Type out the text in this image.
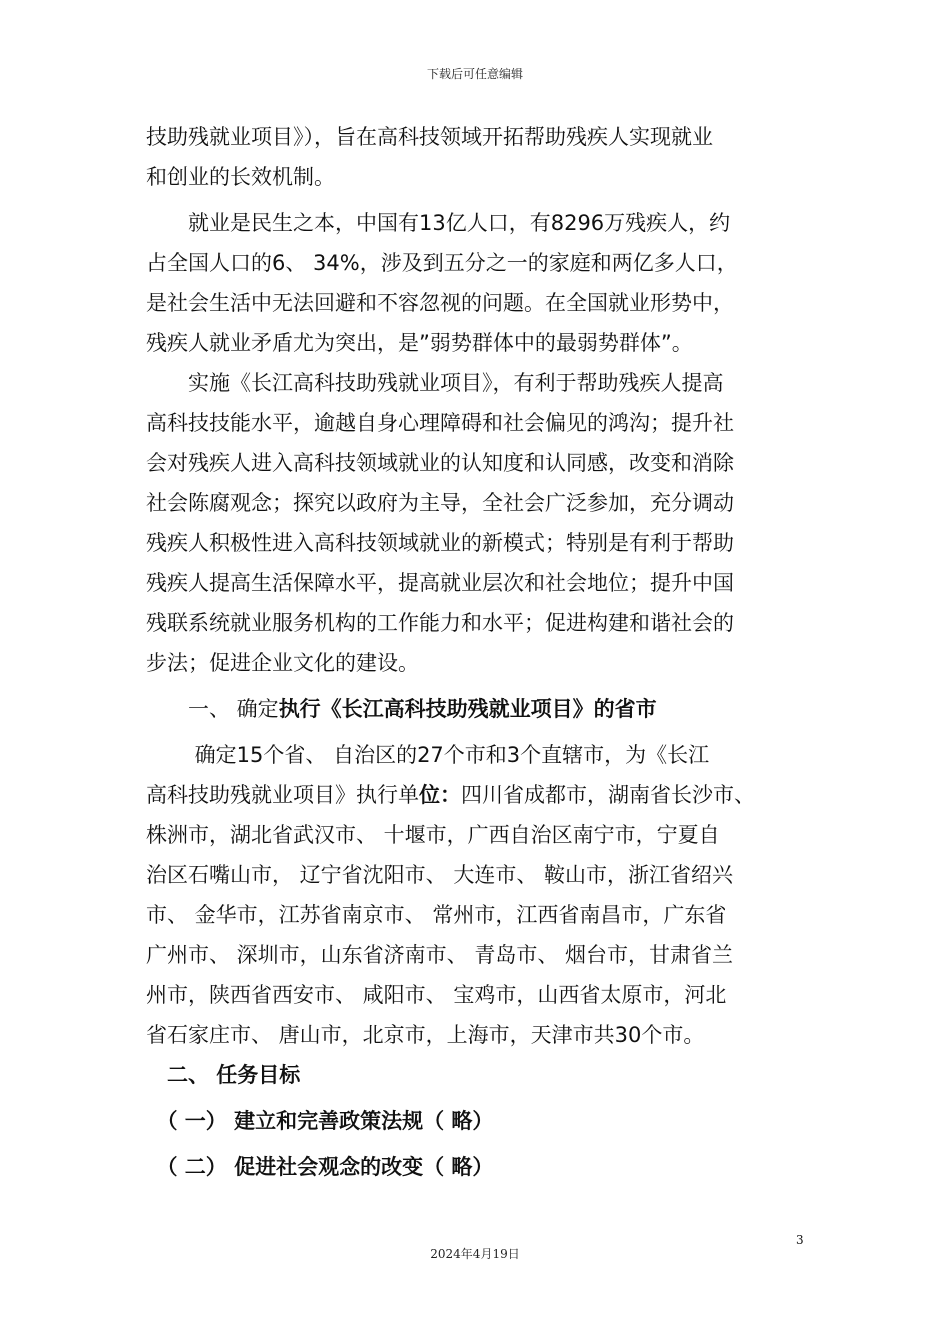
下载后可任意编辑
技助残就业项目》），旨在高科技领域开拓帮助残疾人实现就业
和创业的长效机制。
　　就业是民生之本，中国有13亿人口，有8296万残疾人，约
占全国人口的6、 34%，涉及到五分之一的家庭和两亿多人口，
是社会生活中无法回避和不容忽视的问题。在全国就业形势中，
残疾人就业矛盾尤为突出，是”弱势群体中的最弱势群体”。
　　实施《长江高科技助残就业项目》，有利于帮助残疾人提高
高科技技能水平，逾越自身心理障碍和社会偏见的鸿沟；提升社
会对残疾人进入高科技领域就业的认知度和认同感，改变和消除
社会陈腐观念；探究以政府为主导，全社会广泛参加，充分调动
残疾人积极性进入高科技领域就业的新模式；特别是有利于帮助
残疾人提高生活保障水平，提高就业层次和社会地位；提升中国
残联系统就业服务机构的工作能力和水平；促进构建和谐社会的
步法；促进企业文化的建设。
　　一、 确定执行《长江高科技助残就业项目》的省市
　　 确定15个省、 自治区的27个市和3个直辖市，为《长江
高科技助残就业项目》执行单位：四川省成都市，湖南省长沙市、
株洲市，湖北省武汉市、 十堰市，广西自治区南宁市，宁夏自
治区石嘴山市， 辽宁省沈阳市、 大连市、 鞍山市，浙江省绍兴
市、 金华市，江苏省南京市、 常州市，江西省南昌市，广东省
广州市、 深圳市，山东省济南市、 青岛市、 烟台市，甘肃省兰
州市，陕西省西安市、 咸阳市、 宝鸡市，山西省太原市，河北
省石家庄市、 唐山市，北京市，上海市，天津市共30个市。
　二、 任务目标
　（ 一） 建立和完善政策法规（ 略）
　（ 二） 促进社会观念的改变（ 略）
3
2024年4月19日
